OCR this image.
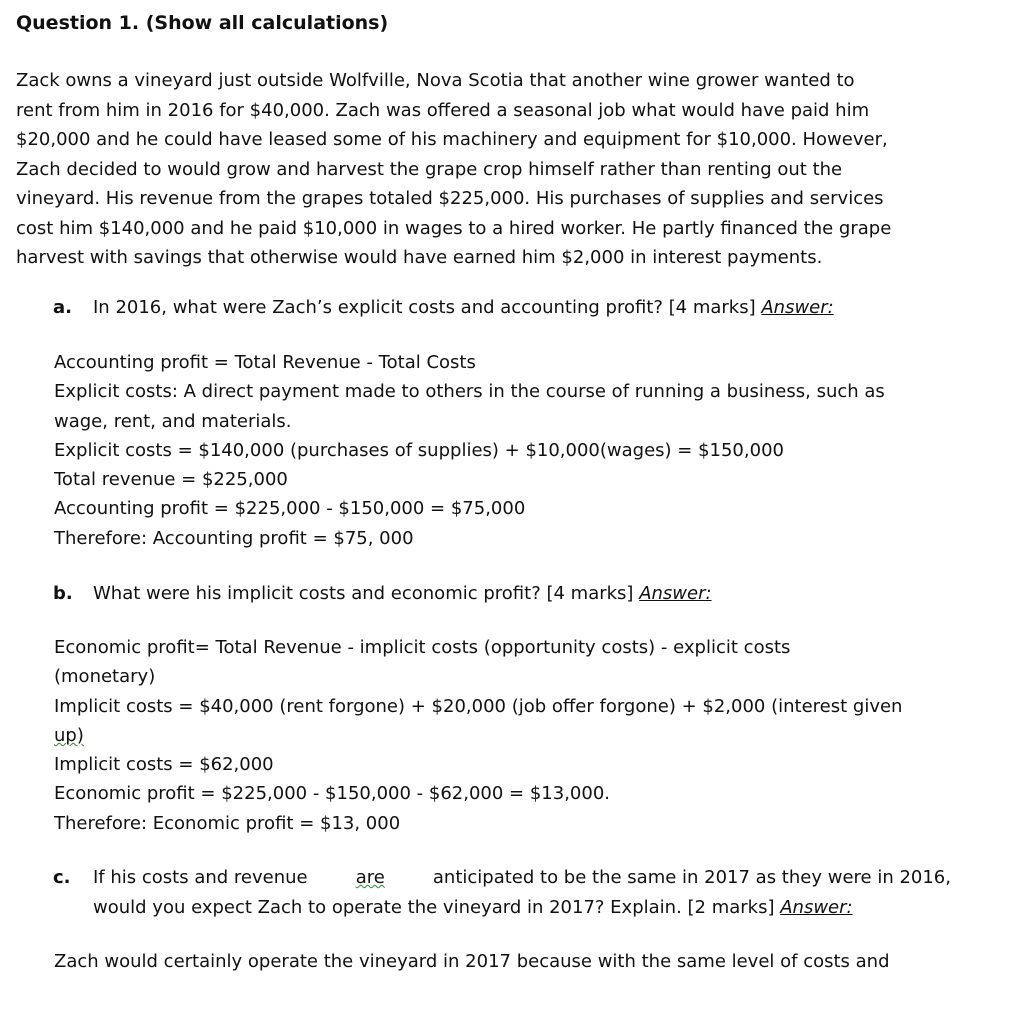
Question 1. (Show all calculations)
Zack owns a vineyard just outside Wolfville, Nova Scotia that another wine grower wanted to
rent from him in 2016 for $40,000. Zach was offered a seasonal job what would have paid him
$20,000 and he could have leased some of his machinery and equipment for $10,000. However,
Zach decided to would grow and harvest the grape crop himself rather than renting out the
vineyard. His revenue from the grapes totaled $225,000. His purchases of supplies and services
cost him $140,000 and he paid $10,000 in wages to a hired worker. He partly financed the grape
harvest with savings that otherwise would have earned him $2,000 in interest payments.
a. In 2016, what were Zach’s explicit costs and accounting profit? [4 marks] Answer:
Accounting profit = Total Revenue - Total Costs
Explicit costs: A direct payment made to others in the course of running a business, such as
wage, rent, and materials.
Explicit costs = $140,000 (purchases of supplies) + $10,000(wages) = $150,000
Total revenue = $225,000
Accounting profit = $225,000 - $150,000 = $75,000
Therefore: Accounting profit = $75, 000
b. What were his implicit costs and economic profit? [4 marks] Answer:
Economic profit= Total Revenue - implicit costs (opportunity costs) - explicit costs
(monetary)
Implicit costs = $40,000 (rent forgone) + $20,000 (job offer forgone) + $2,000 (interest given
up)
Implicit costs = $62,000
Economic profit = $225,000 - $150,000 - $62,000 = $13,000.
Therefore: Economic profit = $13, 000
c. If his costs and revenue	are	anticipated to be the same in 2017 as they were in 2016,
would you expect Zach to operate the vineyard in 2017? Explain. [2 marks] Answer:
Zach would certainly operate the vineyard in 2017 because with the same level of costs and
